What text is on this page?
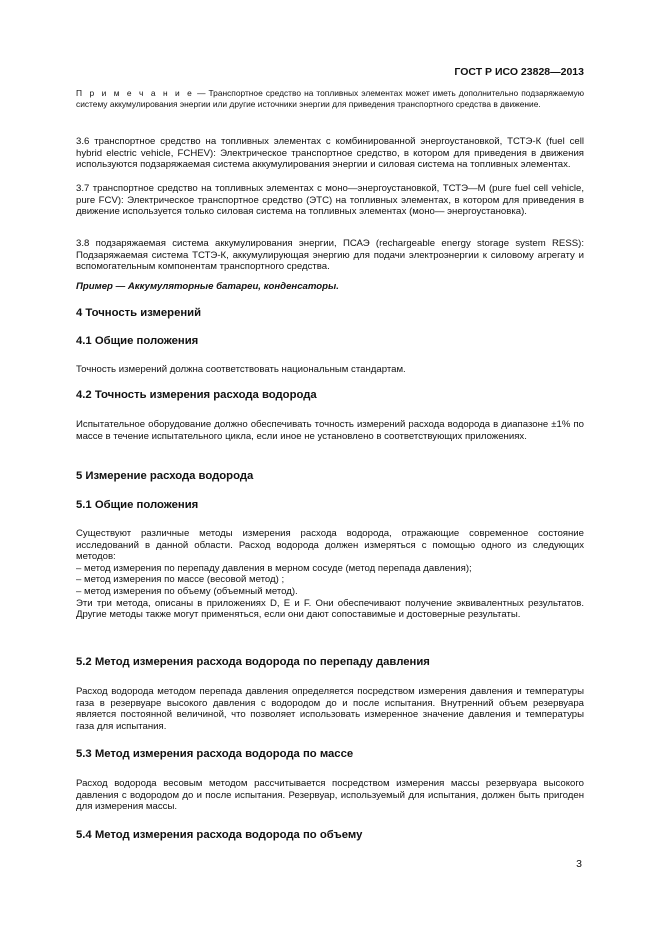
ГОСТ Р ИСО 23828—2013

П р и м е ч а н и е — Транспортное средство на топливных элементах может иметь дополнительно подзаряжаемую систему аккумулирования энергии или другие источники энергии для приведения транспортного средства в движение.

3.6 транспортное средство на топливных элементах с комбинированной энергоустановкой, ТСТЭ-К (fuel cell hybrid electric vehicle, FCHEV): Электрическое транспортное средство, в котором для приведения в движения используются подзаряжаемая система аккумулирования энергии и силовая система на топливных элементах.

3.7 транспортное средство на топливных элементах с моно—энергоустановкой, ТСТЭ—М (pure fuel cell vehicle, pure FCV): Электрическое транспортное средство (ЭТС) на топливных элементах, в котором для приведения в движение используется только силовая система на топливных элементах (моно— энергоустановка).

3.8 подзаряжаемая система аккумулирования энергии, ПСАЭ (rechargeable energy storage system RESS): Подзаряжаемая система ТСТЭ-К, аккумулирующая энергию для подачи электроэнергии к силовому агрегату и вспомогательным компонентам транспортного средства.

Пример — Аккумуляторные батареи, конденсаторы.

4 Точность измерений
4.1 Общие положения

Точность измерений должна соответствовать национальным стандартам.

4.2 Точность измерения расхода водорода

Испытательное оборудование должно обеспечивать точность измерений расхода водорода в диапазоне ±1% по массе в течение испытательного цикла, если иное не установлено в соответствующих приложениях.

5 Измерение расхода водорода
5.1 Общие положения

Существуют различные методы измерения расхода водорода, отражающие современное состояние исследований в данной области. Расход водорода должен измеряться с помощью одного из следующих методов:

– метод измерения по перепаду давления в мерном сосуде (метод перепада давления);
– метод измерения по массе (весовой метод) ;
– метод измерения по объему (объемный метод).

Эти три метода, описаны в приложениях D, E и F. Они обеспечивают получение эквивалентных результатов. Другие методы также могут применяться, если они дают сопоставимые и достоверные результаты.

5.2 Метод измерения расхода водорода по перепаду давления

Расход водорода методом перепада давления определяется посредством измерения давления и температуры газа в резервуаре высокого давления с водородом до и после испытания. Внутренний объем резервуара является постоянной величиной, что позволяет использовать измеренное значение давления и температуры газа для испытания.

5.3 Метод измерения расхода водорода по массе

Расход водорода весовым методом рассчитывается посредством измерения массы резервуара высокого давления с водородом до и после испытания. Резервуар, используемый для испытания, должен быть пригоден для измерения массы.

5.4 Метод измерения расхода водорода по объему
3
